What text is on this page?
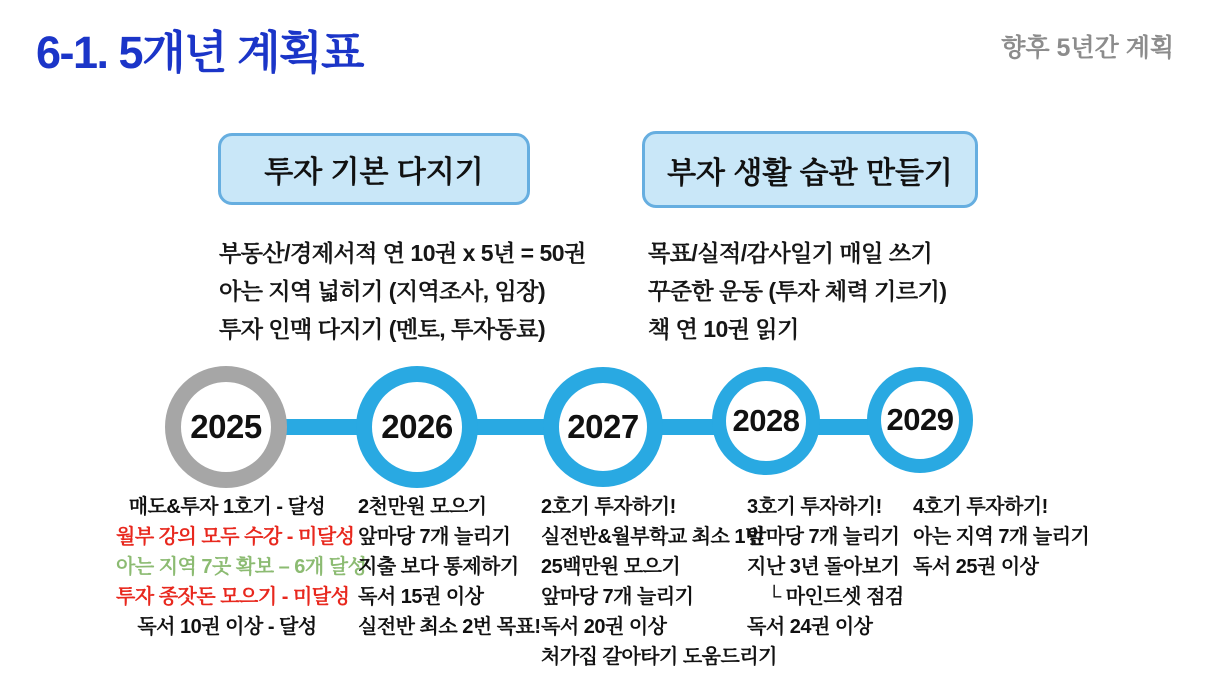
6-1. 5개년 계획표	향후 5년간 계획
투자 기본 다지기	부자 생활 습관 만들기
부동산/경제서적 연 10권 x 5년 = 50권
아는 지역 넓히기 (지역조사, 임장)
투자 인맥 다지기 (멘토, 투자동료)
목표/실적/감사일기 매일 쓰기
꾸준한 운동 (투자 체력 기르기)
책 연 10권 읽기
2025	2026	2027	2028	2029
매도&투자 1호기 - 달성
월부 강의 모두 수강 - 미달성
아는 지역 7곳 확보 – 6개 달성
투자 종잣돈 모으기 - 미달성
독서 10권 이상 - 달성
2천만원 모으기
앞마당 7개 늘리기
지출 보다 통제하기
독서 15권 이상
실전반 최소 2번 목표!
2호기 투자하기!
실전반&월부학교 최소 1번
25백만원 모으기
앞마당 7개 늘리기
독서 20권 이상
처가집 갈아타기 도움드리기
3호기 투자하기!
앞마당 7개 늘리기
지난 3년 돌아보기
└ 마인드셋 점검
독서 24권 이상
4호기 투자하기!
아는 지역 7개 늘리기
독서 25권 이상
